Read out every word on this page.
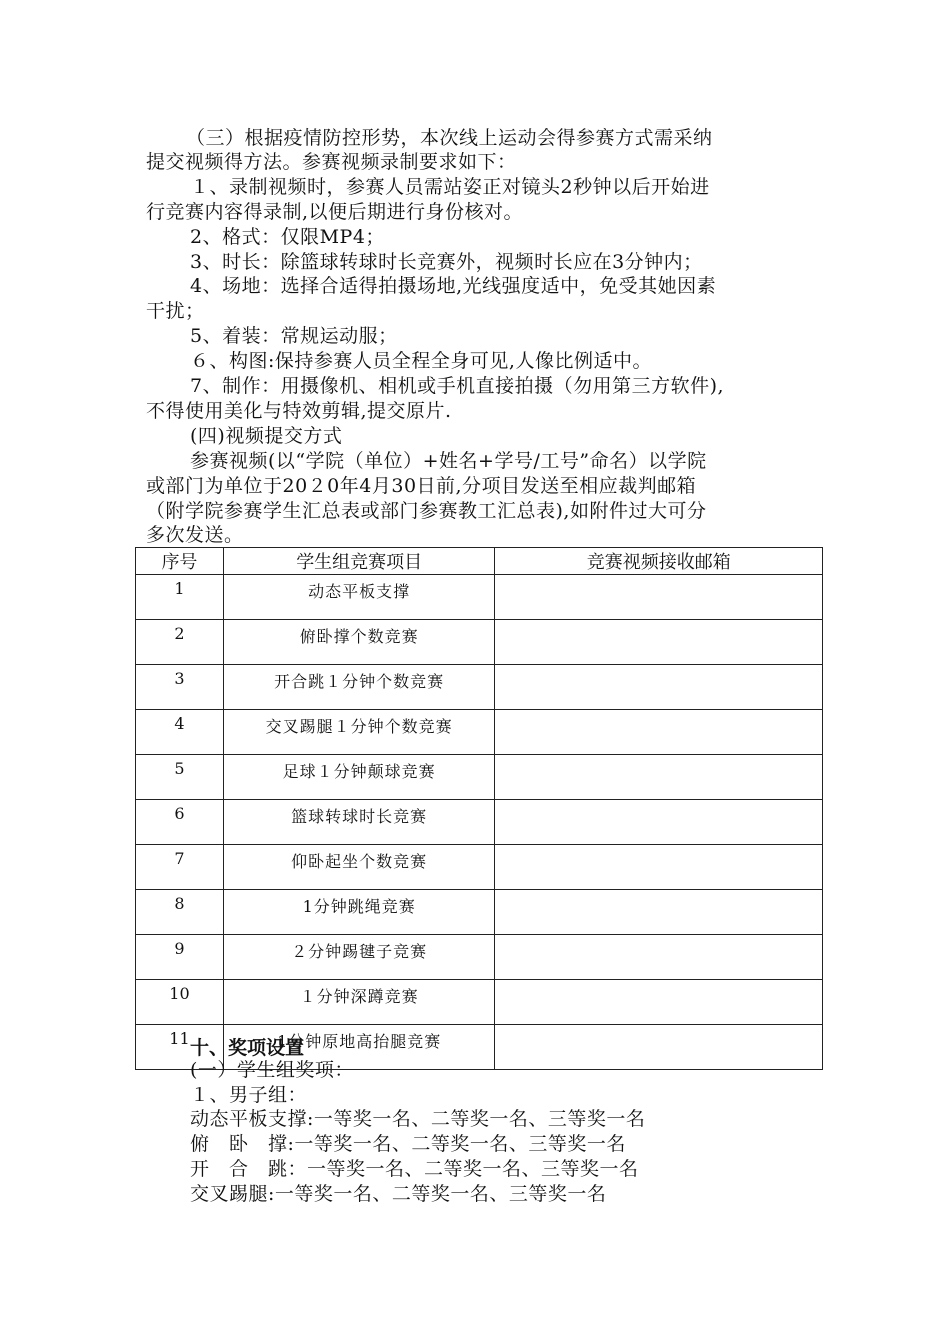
（三）根据疫情防控形势，本次线上运动会得参赛方式需采纳
提交视频得方法。参赛视频录制要求如下：
１、录制视频时，参赛人员需站姿正对镜头2秒钟以后开始进
行竞赛内容得录制,以便后期进行身份核对。
2、格式：仅限MP4；
3、时长：除篮球转球时长竞赛外，视频时长应在3分钟内；
4、场地：选择合适得拍摄场地,光线强度适中，免受其她因素
干扰；
5、着装：常规运动服；
６、构图:保持参赛人员全程全身可见,人像比例适中。
7、制作：用摄像机、相机或手机直接拍摄（勿用第三方软件),
不得使用美化与特效剪辑,提交原片.
(四)视频提交方式
参赛视频(以“学院（单位）+姓名+学号/工号”命名）以学院
或部门为单位于20２0年4月30日前,分项目发送至相应裁判邮箱
（附学院参赛学生汇总表或部门参赛教工汇总表),如附件过大可分
多次发送。
序号	学生组竞赛项目	竞赛视频接收邮箱
1	动态平板支撑	
2	俯卧撑个数竞赛	
3	开合跳１分钟个数竞赛	
4	交叉踢腿１分钟个数竞赛	
5	足球１分钟颠球竞赛	
6	篮球转球时长竞赛	
7	仰卧起坐个数竞赛	
8	1分钟跳绳竞赛	
9	２分钟踢毽子竞赛	
10	１分钟深蹲竞赛	
11	1分钟原地高抬腿竞赛	
十、奖项设置
(一）学生组奖项：
１、男子组：
动态平板支撑:一等奖一名、二等奖一名、三等奖一名
俯　卧　撑:一等奖一名、二等奖一名、三等奖一名
开　合　跳：一等奖一名、二等奖一名、三等奖一名
交叉踢腿:一等奖一名、二等奖一名、三等奖一名
